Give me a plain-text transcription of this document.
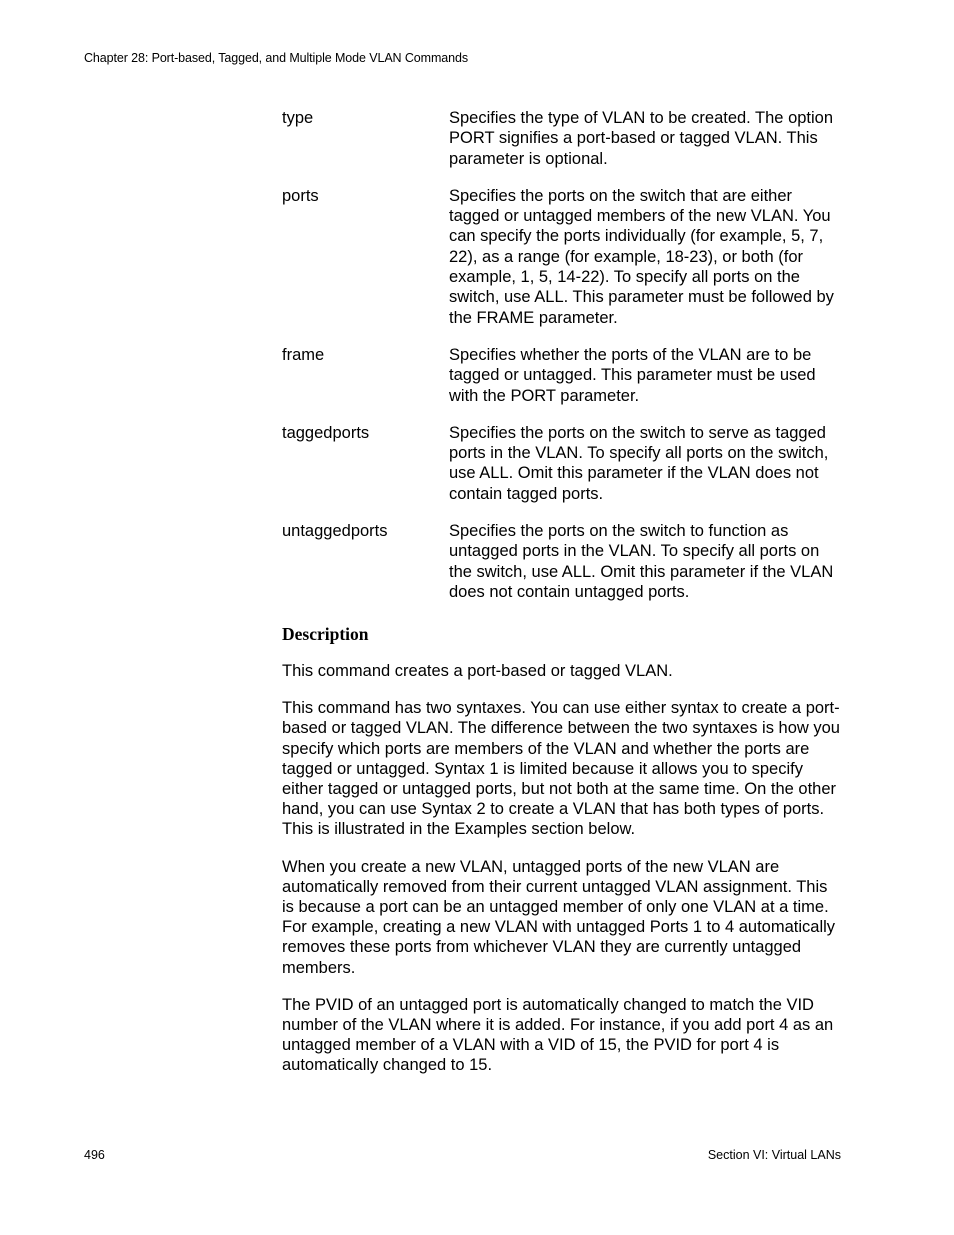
Chapter 28: Port-based, Tagged, and Multiple Mode VLAN Commands
type	Specifies the type of VLAN to be created. The option PORT signifies a port-based or tagged VLAN. This parameter is optional.
ports	Specifies the ports on the switch that are either tagged or untagged members of the new VLAN. You can specify the ports individually (for example, 5, 7, 22), as a range (for example, 18-23), or both (for example, 1, 5, 14-22). To specify all ports on the switch, use ALL. This parameter must be followed by the FRAME parameter.
frame	Specifies whether the ports of the VLAN are to be tagged or untagged. This parameter must be used with the PORT parameter.
taggedports	Specifies the ports on the switch to serve as tagged ports in the VLAN. To specify all ports on the switch, use ALL. Omit this parameter if the VLAN does not contain tagged ports.
untaggedports	Specifies the ports on the switch to function as untagged ports in the VLAN. To specify all ports on the switch, use ALL. Omit this parameter if the VLAN does not contain untagged ports.
Description

This command creates a port-based or tagged VLAN.

This command has two syntaxes. You can use either syntax to create a port-based or tagged VLAN. The difference between the two syntaxes is how you specify which ports are members of the VLAN and whether the ports are tagged or untagged. Syntax 1 is limited because it allows you to specify either tagged or untagged ports, but not both at the same time. On the other hand, you can use Syntax 2 to create a VLAN that has both types of ports. This is illustrated in the Examples section below.

When you create a new VLAN, untagged ports of the new VLAN are automatically removed from their current untagged VLAN assignment. This is because a port can be an untagged member of only one VLAN at a time. For example, creating a new VLAN with untagged Ports 1 to 4 automatically removes these ports from whichever VLAN they are currently untagged members.

The PVID of an untagged port is automatically changed to match the VID number of the VLAN where it is added. For instance, if you add port 4 as an untagged member of a VLAN with a VID of 15, the PVID for port 4 is automatically changed to 15.

496	Section VI: Virtual LANs
